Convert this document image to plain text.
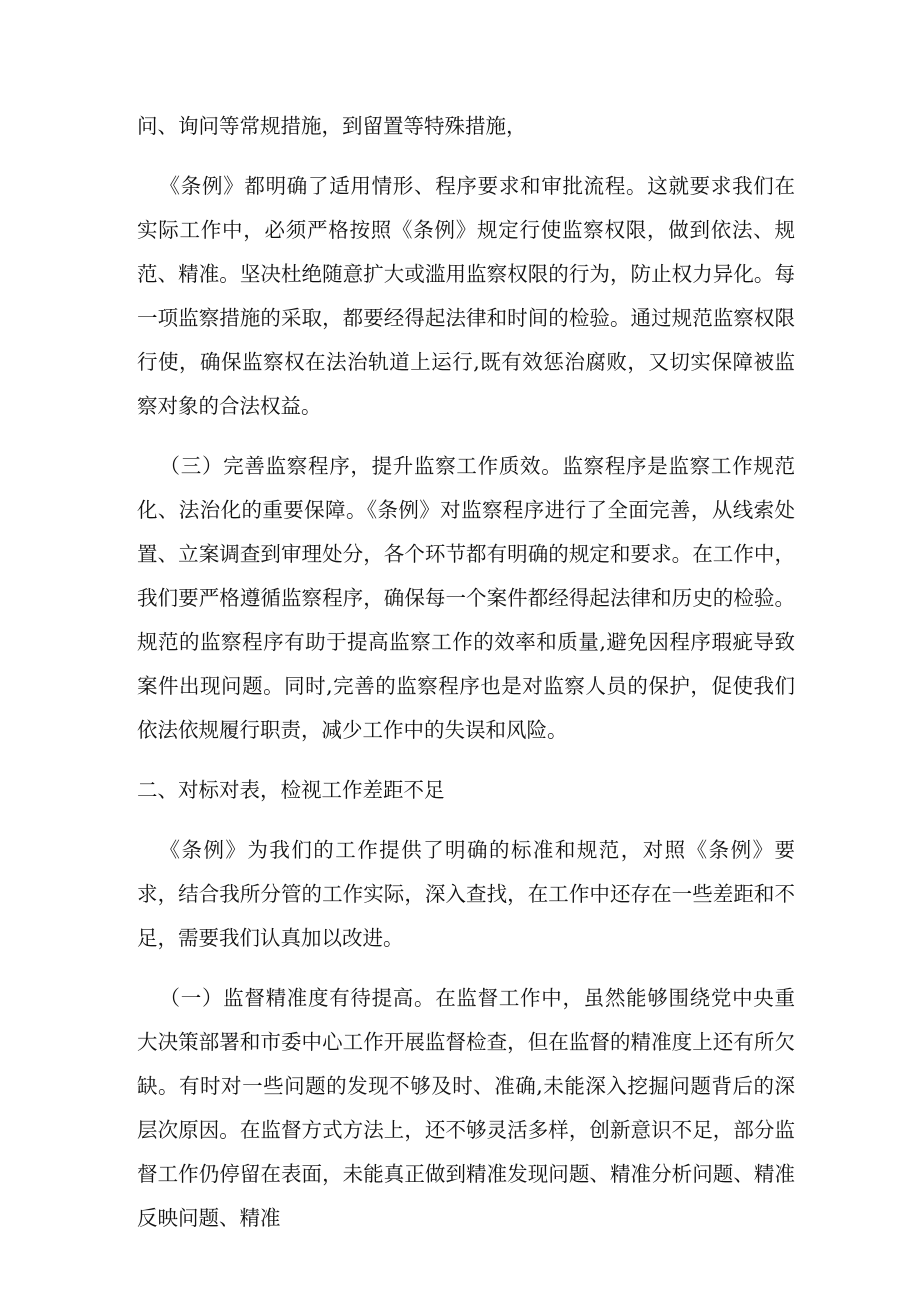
问、询问等常规措施，到留置等特殊措施，

《条例》都明确了适用情形、程序要求和审批流程。这就要求我们在实际工作中，必须严格按照《条例》规定行使监察权限，做到依法、规范、精准。坚决杜绝随意扩大或滥用监察权限的行为，防止权力异化。每一项监察措施的采取，都要经得起法律和时间的检验。通过规范监察权限行使，确保监察权在法治轨道上运行,既有效惩治腐败，又切实保障被监察对象的合法权益。

（三）完善监察程序，提升监察工作质效。监察程序是监察工作规范化、法治化的重要保障。《条例》对监察程序进行了全面完善，从线索处置、立案调查到审理处分，各个环节都有明确的规定和要求。在工作中，我们要严格遵循监察程序，确保每一个案件都经得起法律和历史的检验。规范的监察程序有助于提高监察工作的效率和质量,避免因程序瑕疵导致案件出现问题。同时,完善的监察程序也是对监察人员的保护，促使我们依法依规履行职责，减少工作中的失误和风险。

二、对标对表，检视工作差距不足

《条例》为我们的工作提供了明确的标准和规范，对照《条例》要求，结合我所分管的工作实际，深入查找，在工作中还存在一些差距和不足，需要我们认真加以改进。

（一）监督精准度有待提高。在监督工作中，虽然能够围绕党中央重大决策部署和市委中心工作开展监督检查，但在监督的精准度上还有所欠缺。有时对一些问题的发现不够及时、准确,未能深入挖掘问题背后的深层次原因。在监督方式方法上，还不够灵活多样，创新意识不足，部分监督工作仍停留在表面，未能真正做到精准发现问题、精准分析问题、精准反映问题、精准
